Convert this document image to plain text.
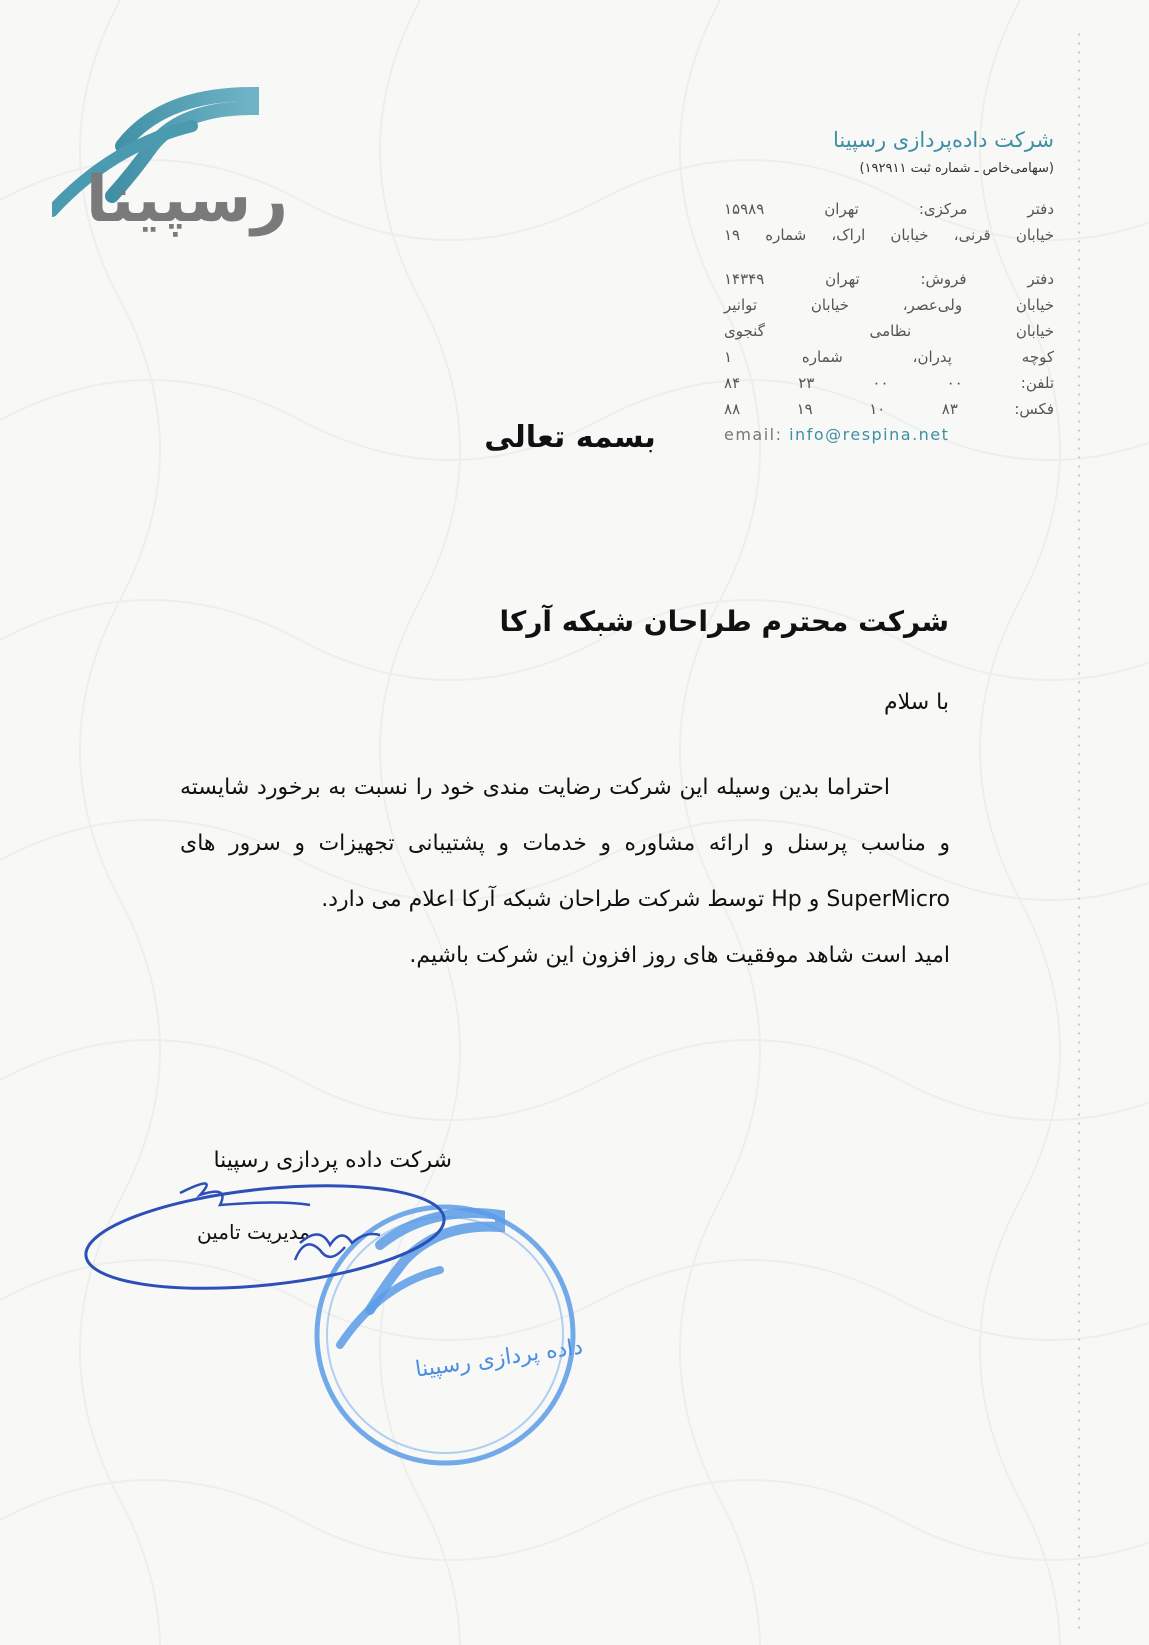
رسپینا

شرکت داده‌پردازی رسپینا

(سهامی‌خاص ـ شماره ثبت ۱۹۲۹۱۱)

دفتر مرکزی: تهران ۱۵۹۸۹

خیابان قرنی، خیابان اراک، شماره ۱۹

دفتر فروش: تهران ۱۴۳۴۹

خیابان ولی‌عصر، خیابان توانیر

خیابان نظامی گنجوی

کوچه پدران، شماره ۱

تلفن:
۰۰
۰۰
۲۳
۸۴
فکس:
۸۳
۱۰
۱۹
۸۸

email: info@respina.net

بسمه تعالی
شرکت محترم طراحان شبکه آرکا
با سلام

احتراما بدین وسیله این شرکت رضایت مندی خود را نسبت به برخورد شایسته و مناسب پرسنل و ارائه مشاوره و خدمات و پشتیبانی تجهیزات و سرور های SuperMicro و Hp توسط شرکت طراحان شبکه آرکا اعلام می دارد.

امید است شاهد موفقیت های روز افزون این شرکت باشیم.

شرکت داده پردازی رسپینا

مدیریت تامین
داده پردازی رسپینا
